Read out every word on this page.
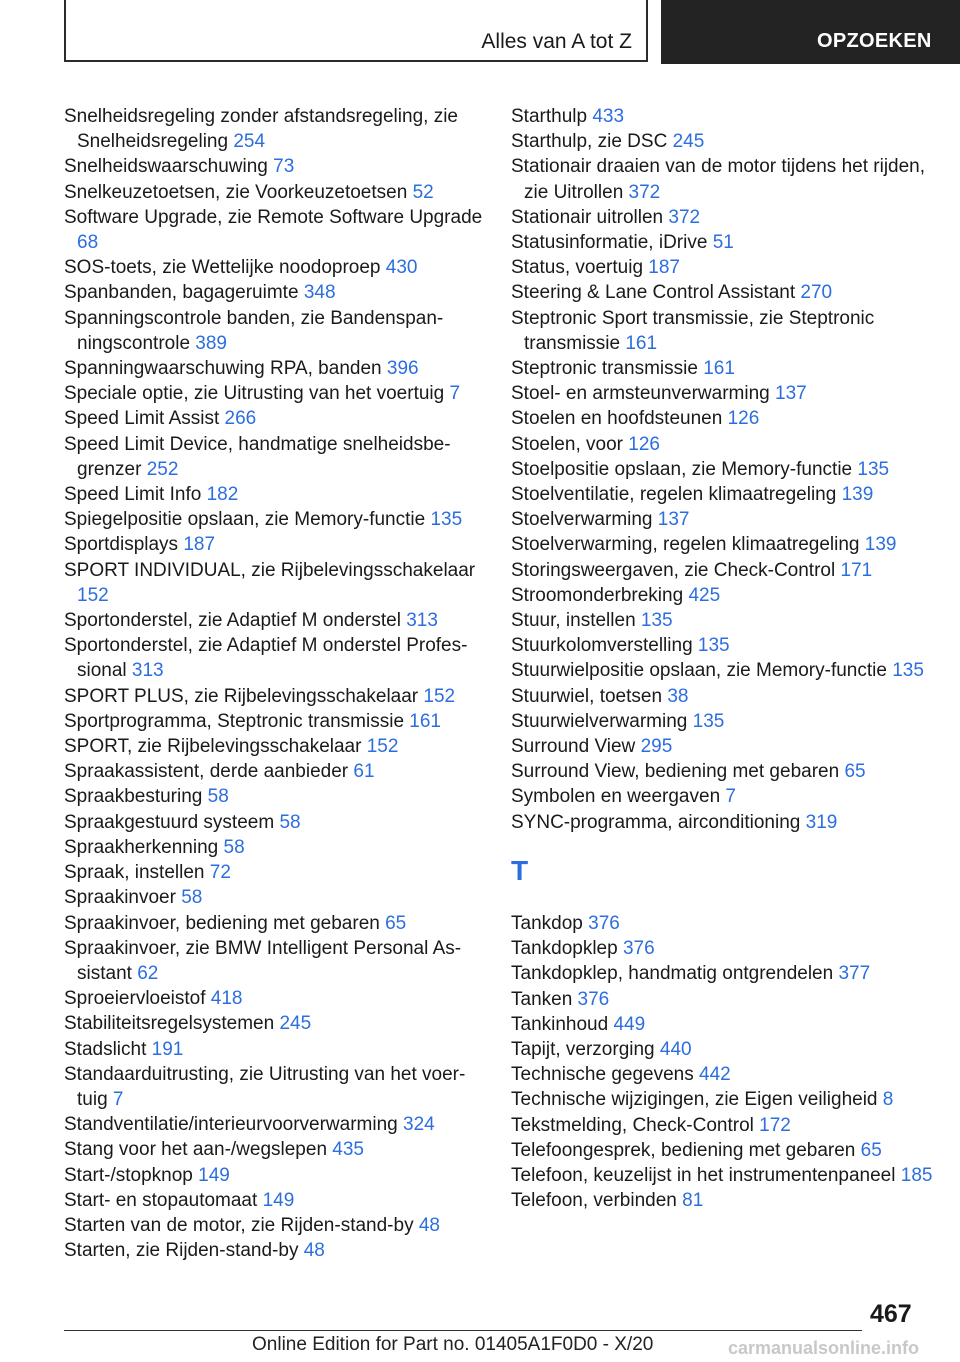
Alles van A tot Z	OPZOEKEN
Snelheidsregeling zonder afstandsregeling, zie Snelheidsregeling 254
Snelheidswaarschuwing 73
Snelkeuzetoetsen, zie Voorkeuzetoetsen 52
Software Upgrade, zie Remote Software Upgrade 68
SOS-toets, zie Wettelijke noodoproep 430
Spanbanden, bagageruimte 348
Spanningscontrole banden, zie Bandenspanningscontrole 389
Spanningwaarschuwing RPA, banden 396
Speciale optie, zie Uitrusting van het voertuig 7
Speed Limit Assist 266
Speed Limit Device, handmatige snelheidsbegrenzer 252
Speed Limit Info 182
Spiegelpositie opslaan, zie Memory-functie 135
Sportdisplays 187
SPORT INDIVIDUAL, zie Rijbelevingsschakelaar 152
Sportonderstel, zie Adaptief M onderstel 313
Sportonderstel, zie Adaptief M onderstel Professional 313
SPORT PLUS, zie Rijbelevingsschakelaar 152
Sportprogramma, Steptronic transmissie 161
SPORT, zie Rijbelevingsschakelaar 152
Spraakassistent, derde aanbieder 61
Spraakbesturing 58
Spraakgestuurd systeem 58
Spraakherkenning 58
Spraak, instellen 72
Spraakinvoer 58
Spraakinvoer, bediening met gebaren 65
Spraakinvoer, zie BMW Intelligent Personal Assistant 62
Sproeiervloeistof 418
Stabiliteitsregelsystemen 245
Stadslicht 191
Standaarduitrusting, zie Uitrusting van het voertuig 7
Standventilatie/interieurvoorverwarming 324
Stang voor het aan-/wegslepen 435
Start-/stopknop 149
Start- en stopautomaat 149
Starten van de motor, zie Rijden-stand-by 48
Starten, zie Rijden-stand-by 48
Starthulp 433
Starthulp, zie DSC 245
Stationair draaien van de motor tijdens het rijden, zie Uitrollen 372
Stationair uitrollen 372
Statusinformatie, iDrive 51
Status, voertuig 187
Steering & Lane Control Assistant 270
Steptronic Sport transmissie, zie Steptronic transmissie 161
Steptronic transmissie 161
Stoel- en armsteunverwarming 137
Stoelen en hoofdsteunen 126
Stoelen, voor 126
Stoelpositie opslaan, zie Memory-functie 135
Stoelventilatie, regelen klimaatregeling 139
Stoelverwarming 137
Stoelverwarming, regelen klimaatregeling 139
Storingsweergaven, zie Check-Control 171
Stroomonderbreking 425
Stuur, instellen 135
Stuurkolomverstelling 135
Stuurwielpositie opslaan, zie Memory-functie 135
Stuurwiel, toetsen 38
Stuurwielverwarming 135
Surround View 295
Surround View, bediening met gebaren 65
Symbolen en weergaven 7
SYNC-programma, airconditioning 319
T
Tankdop 376
Tankdopklep 376
Tankdopklep, handmatig ontgrendelen 377
Tanken 376
Tankinhoud 449
Tapijt, verzorging 440
Technische gegevens 442
Technische wijzigingen, zie Eigen veiligheid 8
Tekstmelding, Check-Control 172
Telefoongesprek, bediening met gebaren 65
Telefoon, keuzelijst in het instrumentenpaneel 185
Telefoon, verbinden 81
467
Online Edition for Part no. 01405A1F0D0 - X/20	carmanualsonline.info
